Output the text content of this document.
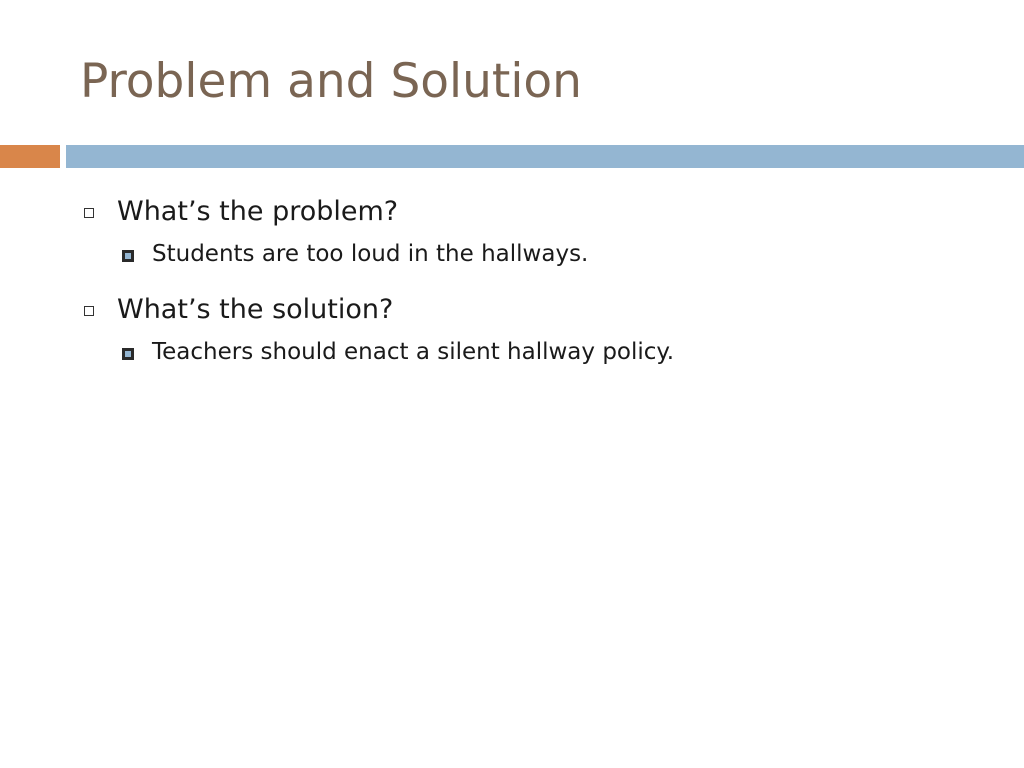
Problem and Solution
What’s the problem?
Students are too loud in the hallways.
What’s the solution?
Teachers should enact a silent hallway policy.
